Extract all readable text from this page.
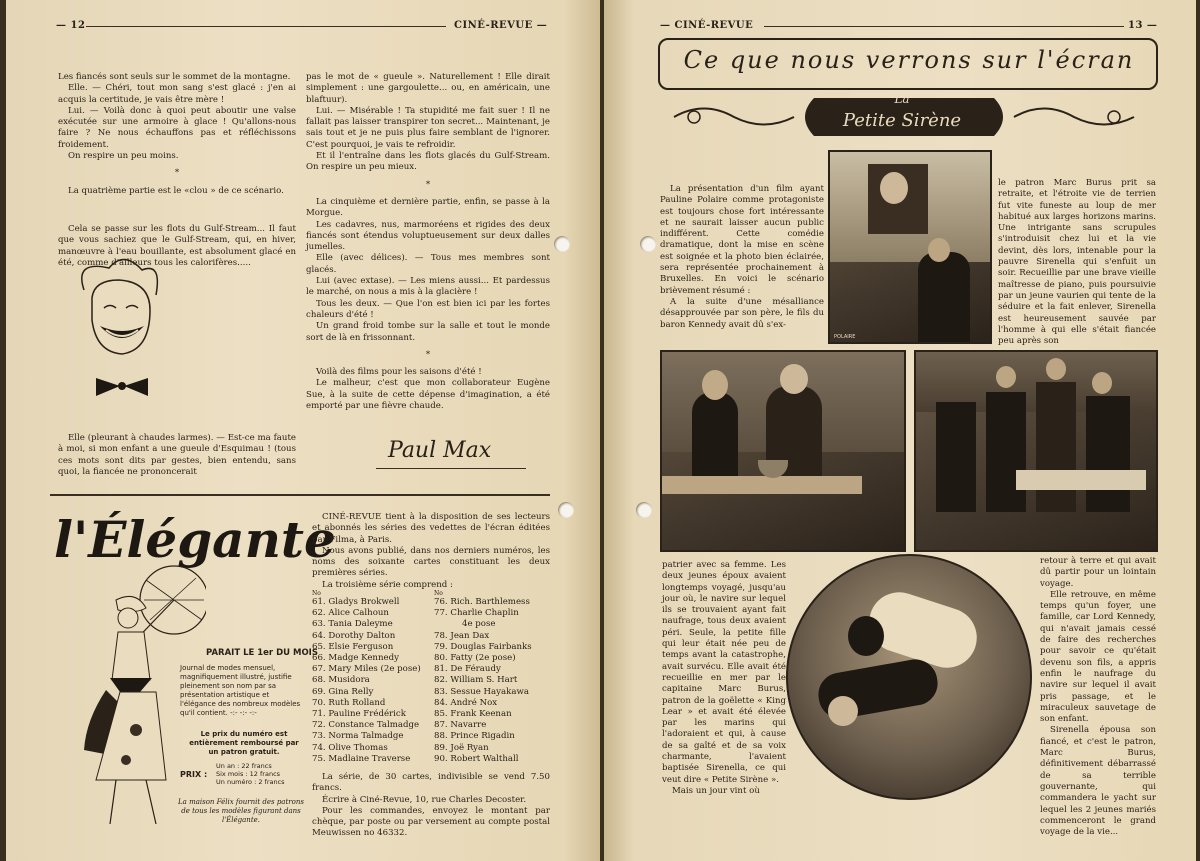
— 12	CINÉ-REVUE —

Les fiancés sont seuls sur le sommet de la montagne.

Elle. — Chéri, tout mon sang s'est glacé : j'en ai acquis la certitude, je vais être mère !

Lui. — Voilà donc à quoi peut aboutir une valse exécutée sur une armoire à glace ! Qu'allons-nous faire ? Ne nous échauffons pas et réfléchissons froidement.

On respire un peu moins.

*

La quatrième partie est le «clou » de ce scénario.

Cela se passe sur les flots du Gulf-Stream... Il faut que vous sachiez que le Gulf-Stream, qui, en hiver, manœuvre à l'eau bouillante, est absolument glacé en été, comme d'ailleurs tous les calorifères.....

Elle (pleurant à chaudes larmes). — Est-ce ma faute à moi, si mon enfant a une gueule d'Esquimau ! (tous ces mots sont dits par gestes, bien entendu, sans quoi, la fiancée ne prononcerait

pas le mot de « gueule ». Naturellement ! Elle dirait simplement : une gargoulette... ou, en américain, une blaftuur).

Lui. — Misérable ! Ta stupidité me fait suer ! Il ne fallait pas laisser transpirer ton secret... Maintenant, je sais tout et je ne puis plus faire semblant de l'ignorer. C'est pourquoi, je vais te refroidir.

Et il l'entraîne dans les flots glacés du Gulf-Stream. On respire un peu mieux.

*

La cinquième et dernière partie, enfin, se passe à la Morgue.

Les cadavres, nus, marmoréens et rigides des deux fiancés sont étendus voluptueusement sur deux dalles jumelles.

Elle (avec délices). — Tous mes membres sont glacés.

Lui (avec extase). — Les miens aussi... Et pardessus le marché, on nous a mis à la glacière !

Tous les deux. — Que l'on est bien ici par les fortes chaleurs d'été !

Un grand froid tombe sur la salle et tout le monde sort de là en frissonnant.

*

Voilà des films pour les saisons d'été !

Le malheur, c'est que mon collaborateur Eugène Sue, à la suite de cette dépense d'imagination, a été emporté par une fièvre chaude.

Paul Max
l'Élégante
PARAIT LE 1er DU MOIS
Journal de modes mensuel, magnifiquement illustré, justifie pleinement son nom par sa présentation artistique et l'élégance des nombreux modèles qu'il contient. -:- -:- -:-
Le prix du numéro est entièrement remboursé par un patron gratuit.
PRIX :
Un an : 22 francs
Six mois : 12 francs
Un numéro : 2 francs
La maison Félix fournit des patrons de tous les modèles figurant dans l'Élégante.

CINÉ-REVUE tient à la disposition de ses lecteurs et abonnés les séries des vedettes de l'écran éditées par Filma, à Paris.

Nous avons publié, dans nos derniers numéros, les noms des soixante cartes constituant les deux premières séries.

La troisième série comprend :

No
61. Gladys Brokwell
62. Alice Calhoun
63. Tania Daleyme
64. Dorothy Dalton
65. Elsie Ferguson
66. Madge Kennedy
67. Mary Miles (2e pose)
68. Musidora
69. Gina Relly
70. Ruth Rolland
71. Pauline Frédérick
72. Constance Talmadge
73. Norma Talmadge
74. Olive Thomas
75. Madlaine Traverse
No
76. Rich. Barthlemess
77. Charlie Chaplin
4e pose
78. Jean Dax
79. Douglas Fairbanks
80. Fatty (2e pose)
81. De Féraudy
82. William S. Hart
83. Sessue Hayakawa
84. André Nox
85. Frank Keenan
87. Navarre
88. Prince Rigadin
89. Joë Ryan
90. Robert Walthall

La série, de 30 cartes, indivisible se vend 7.50 francs.

Écrire à Ciné-Revue, 10, rue Charles Decoster.

Pour les commandes, envoyez le montant par chèque, par poste ou par versement au compte postal Meuwissen no 46332.

— CINÉ-REVUE	13 —
Ce que nous verrons sur l'écran
La
Petite Sirène
POLAIRE

La présentation d'un film ayant Pauline Polaire comme protagoniste est toujours chose fort intéressante et ne saurait laisser aucun public indifférent. Cette comédie dramatique, dont la mise en scène est soignée et la photo bien éclairée, sera représentée prochainement à Bruxelles. En voici le scénario brièvement résumé :

A la suite d'une mésalliance désapprouvée par son père, le fils du baron Kennedy avait dû s'ex-

le patron Marc Burus prit sa retraite, et l'étroite vie de terrien fut vite funeste au loup de mer habitué aux larges horizons marins. Une intrigante sans scrupules s'introduisit chez lui et la vie devint, dès lors, intenable pour la pauvre Sirenella qui s'enfuit un soir. Recueillie par une brave vieille maîtresse de piano, puis poursuivie par un jeune vaurien qui tente de la séduire et la fait enlever, Sirenella est heureusement sauvée par l'homme à qui elle s'était fiancée peu après son

patrier avec sa femme. Les deux jeunes époux avaient longtemps voyagé, jusqu'au jour où, le navire sur lequel ils se trouvaient ayant fait naufrage, tous deux avaient péri. Seule, la petite fille qui leur était née peu de temps avant la catastrophe, avait survécu. Elle avait été recueillie en mer par le capitaine Marc Burus, patron de la goëlette « King Lear » et avait été élevée par les marins qui l'adoraient et qui, à cause de sa gaîté et de sa voix charmante, l'avaient baptisée Sirenella, ce qui veut dire « Petite Sirène ».

Mais un jour vint où

retour à terre et qui avait dû partir pour un lointain voyage.

Elle retrouve, en même temps qu'un foyer, une famille, car Lord Kennedy, qui n'avait jamais cessé de faire des recherches pour savoir ce qu'était devenu son fils, a appris enfin le naufrage du navire sur lequel il avait pris passage, et le miraculeux sauvetage de son enfant.

Sirenella épousa son fiancé, et c'est le patron, Marc Burus, définitivement débarrassé de sa terrible gouvernante, qui commandera le yacht sur lequel les 2 jeunes mariés commenceront le grand voyage de la vie...
